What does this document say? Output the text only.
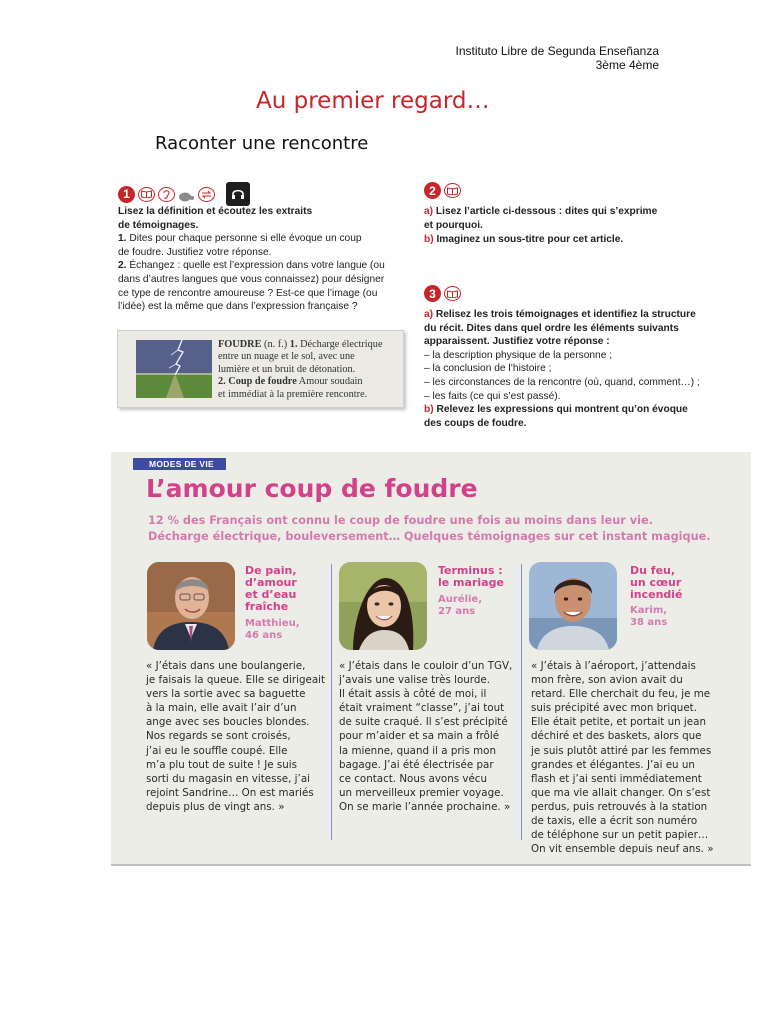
Instituto Libre de Segunda Enseñanza
3ème 4ème
Au premier regard…
Raconter une rencontre
1

Lisez la définition et écoutez les extraits

de témoignages.

1. Dites pour chaque personne si elle évoque un coup

de foudre. Justifiez votre réponse.

2. Échangez : quelle est l’expression dans votre langue (ou

dans d’autres langues que vous connaissez) pour désigner

ce type de rencontre amoureuse ? Est-ce que l’image (ou

l’idée) est la même que dans l’expression française ?

FOUDRE (n. f.) 1. Décharge électrique
entre un nuage et le sol, avec une
lumière et un bruit de détonation.
2. Coup de foudre Amour soudain
et immédiat à la première rencontre.
2

a) Lisez l’article ci-dessous : dites qui s’exprime

et pourquoi.

b) Imaginez un sous-titre pour cet article.

3

a) Relisez les trois témoignages et identifiez la structure

du récit. Dites dans quel ordre les éléments suivants

apparaissent. Justifiez votre réponse :

– la description physique de la personne ;

– la conclusion de l’histoire ;

– les circonstances de la rencontre (où, quand, comment…) ;

– les faits (ce qui s’est passé).

b) Relevez les expressions qui montrent qu’on évoque

des coups de foudre.

MODES DE VIE
L’amour coup de foudre
12 % des Français ont connu le coup de foudre une fois au moins dans leur vie.
Décharge électrique, bouleversement… Quelques témoignages sur cet instant magique.
De pain,
d’amour
et d’eau
fraîche
Matthieu,
46 ans
« J’étais dans une boulangerie,
je faisais la queue. Elle se dirigeait
vers la sortie avec sa baguette
à la main, elle avait l’air d’un
ange avec ses boucles blondes.
Nos regards se sont croisés,
j’ai eu le souffle coupé. Elle
m’a plu tout de suite ! Je suis
sorti du magasin en vitesse, j’ai
rejoint Sandrine… On est mariés
depuis plus de vingt ans. »
Terminus :
le mariage
Aurélie,
27 ans
« J’étais dans le couloir d’un TGV,
j’avais une valise très lourde.
Il était assis à côté de moi, il
était vraiment “classe”, j’ai tout
de suite craqué. Il s’est précipité
pour m’aider et sa main a frôlé
la mienne, quand il a pris mon
bagage. J’ai été électrisée par
ce contact. Nous avons vécu
un merveilleux premier voyage.
On se marie l’année prochaine. »
Du feu,
un cœur
incendié
Karim,
38 ans
« J’étais à l’aéroport, j’attendais
mon frère, son avion avait du
retard. Elle cherchait du feu, je me
suis précipité avec mon briquet.
Elle était petite, et portait un jean
déchiré et des baskets, alors que
je suis plutôt attiré par les femmes
grandes et élégantes. J’ai eu un
flash et j’ai senti immédiatement
que ma vie allait changer. On s’est
perdus, puis retrouvés à la station
de taxis, elle a écrit son numéro
de téléphone sur un petit papier…
On vit ensemble depuis neuf ans. »
